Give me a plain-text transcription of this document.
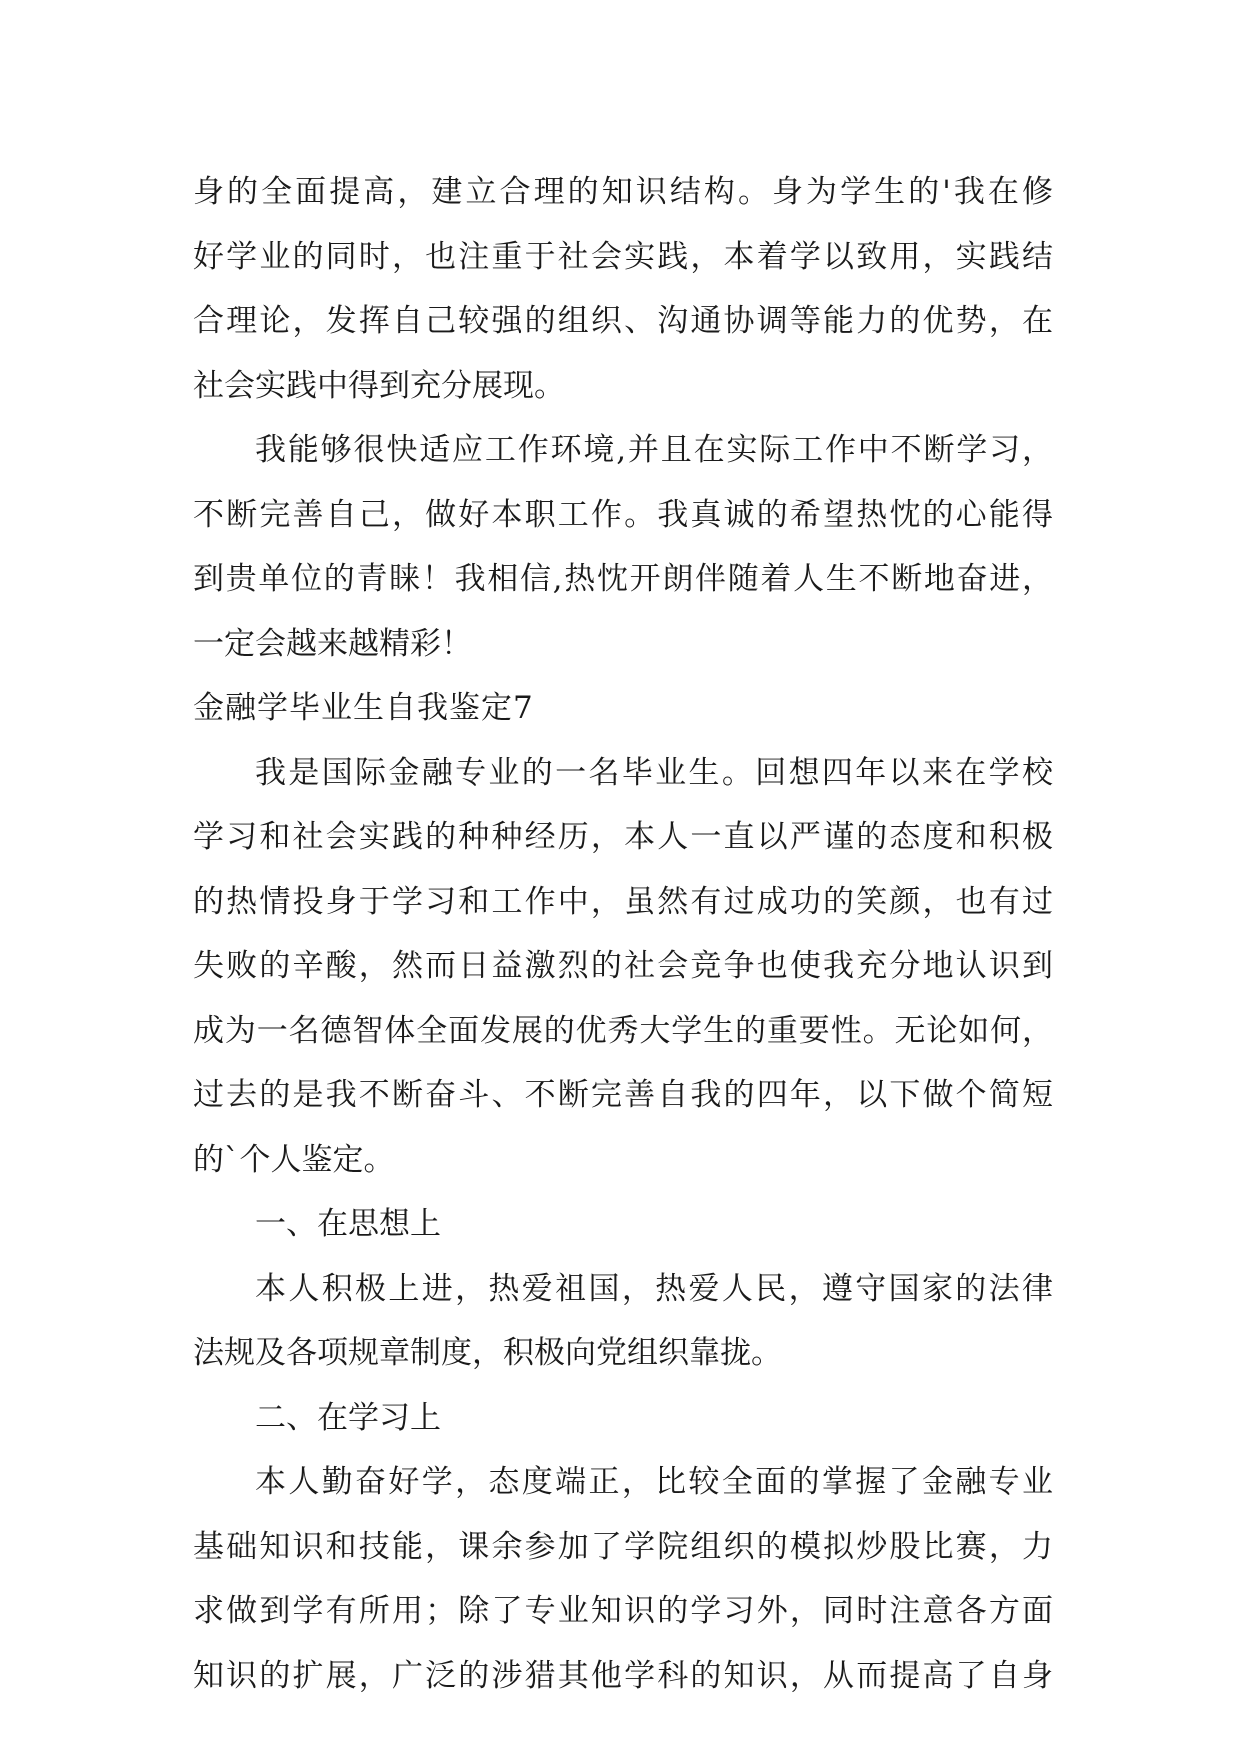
身的全面提高，建立合理的知识结构。身为学生的'我在修
好学业的同时，也注重于社会实践，本着学以致用，实践结
合理论，发挥自己较强的组织、沟通协调等能力的优势，在
社会实践中得到充分展现。
我能够很快适应工作环境,并且在实际工作中不断学习，
不断完善自己，做好本职工作。我真诚的希望热忱的心能得
到贵单位的青睐！我相信,热忱开朗伴随着人生不断地奋进，
一定会越来越精彩！
金融学毕业生自我鉴定7
我是国际金融专业的一名毕业生。回想四年以来在学校
学习和社会实践的种种经历，本人一直以严谨的态度和积极
的热情投身于学习和工作中，虽然有过成功的笑颜，也有过
失败的辛酸，然而日益激烈的社会竞争也使我充分地认识到
成为一名德智体全面发展的优秀大学生的重要性。无论如何，
过去的是我不断奋斗、不断完善自我的四年，以下做个简短
的`个人鉴定。
一、在思想上
本人积极上进，热爱祖国，热爱人民，遵守国家的法律
法规及各项规章制度，积极向党组织靠拢。
二、在学习上
本人勤奋好学，态度端正，比较全面的掌握了金融专业
基础知识和技能，课余参加了学院组织的模拟炒股比赛，力
求做到学有所用；除了专业知识的学习外，同时注意各方面
知识的扩展，广泛的涉猎其他学科的知识，从而提高了自身
